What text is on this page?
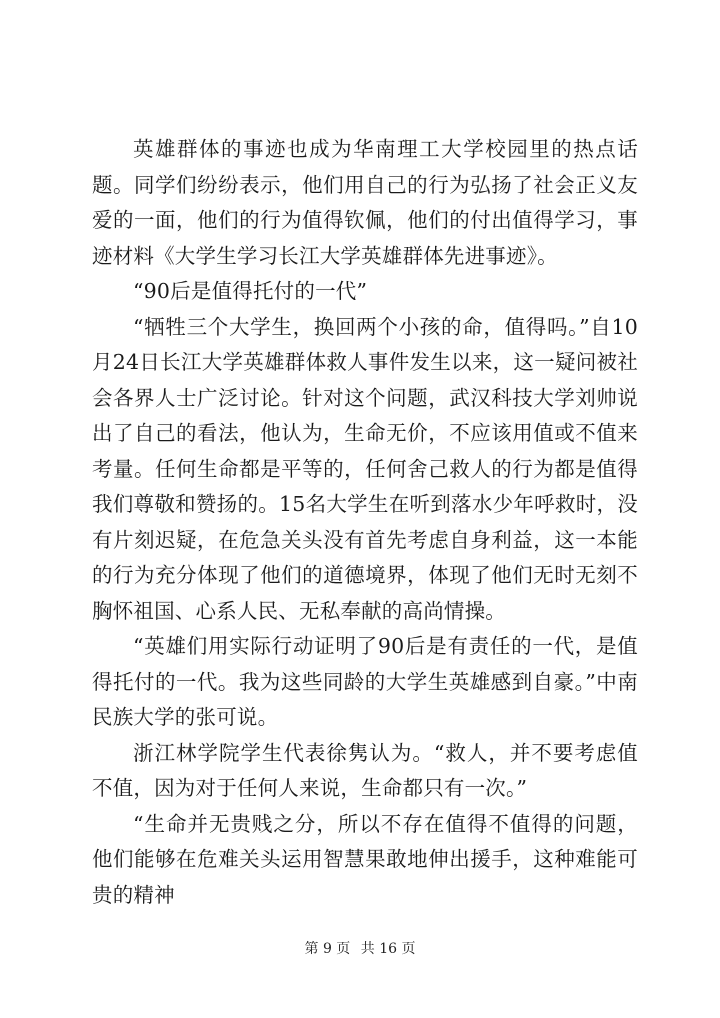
英雄群体的事迹也成为华南理工大学校园里的热点话题。同学们纷纷表示，他们用自己的行为弘扬了社会正义友爱的一面，他们的行为值得钦佩，他们的付出值得学习，事迹材料《大学生学习长江大学英雄群体先进事迹》。

“90后是值得托付的一代”

“牺牲三个大学生，换回两个小孩的命，值得吗。”自10月24日长江大学英雄群体救人事件发生以来，这一疑问被社会各界人士广泛讨论。针对这个问题，武汉科技大学刘帅说出了自己的看法，他认为，生命无价，不应该用值或不值来考量。任何生命都是平等的，任何舍己救人的行为都是值得我们尊敬和赞扬的。15名大学生在听到落水少年呼救时，没有片刻迟疑，在危急关头没有首先考虑自身利益，这一本能的行为充分体现了他们的道德境界，体现了他们无时无刻不胸怀祖国、心系人民、无私奉献的高尚情操。

“英雄们用实际行动证明了90后是有责任的一代，是值得托付的一代。我为这些同龄的大学生英雄感到自豪。”中南民族大学的张可说。

浙江林学院学生代表徐隽认为。“救人，并不要考虑值不值，因为对于任何人来说，生命都只有一次。”

“生命并无贵贱之分，所以不存在值得不值得的问题，他们能够在危难关头运用智慧果敢地伸出援手，这种难能可贵的精神

第 9 页 共 16 页
